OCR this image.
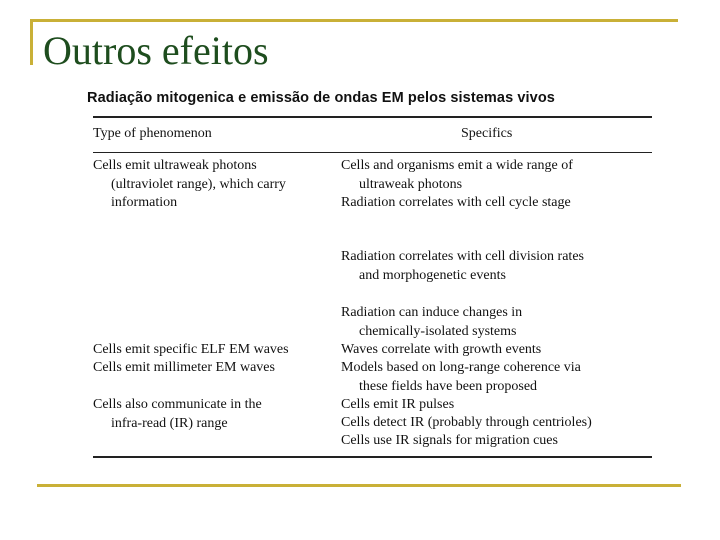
Outros efeitos
Radiação mitogenica e emissão de ondas EM pelos sistemas vivos
Type of phenomenon	Specifics
Cells emit ultraweak photons
(ultraviolet range), which carry
information
Cells emit specific ELF EM waves
Cells emit millimeter EM waves
Cells also communicate in the
infra-read (IR) range
Cells and organisms emit a wide range of
ultraweak photons
Radiation correlates with cell cycle stage
Radiation correlates with cell division rates
and morphogenetic events
Radiation can induce changes in
chemically-isolated systems
Waves correlate with growth events
Models based on long-range coherence via
these fields have been proposed
Cells emit IR pulses
Cells detect IR (probably through centrioles)
Cells use IR signals for migration cues
